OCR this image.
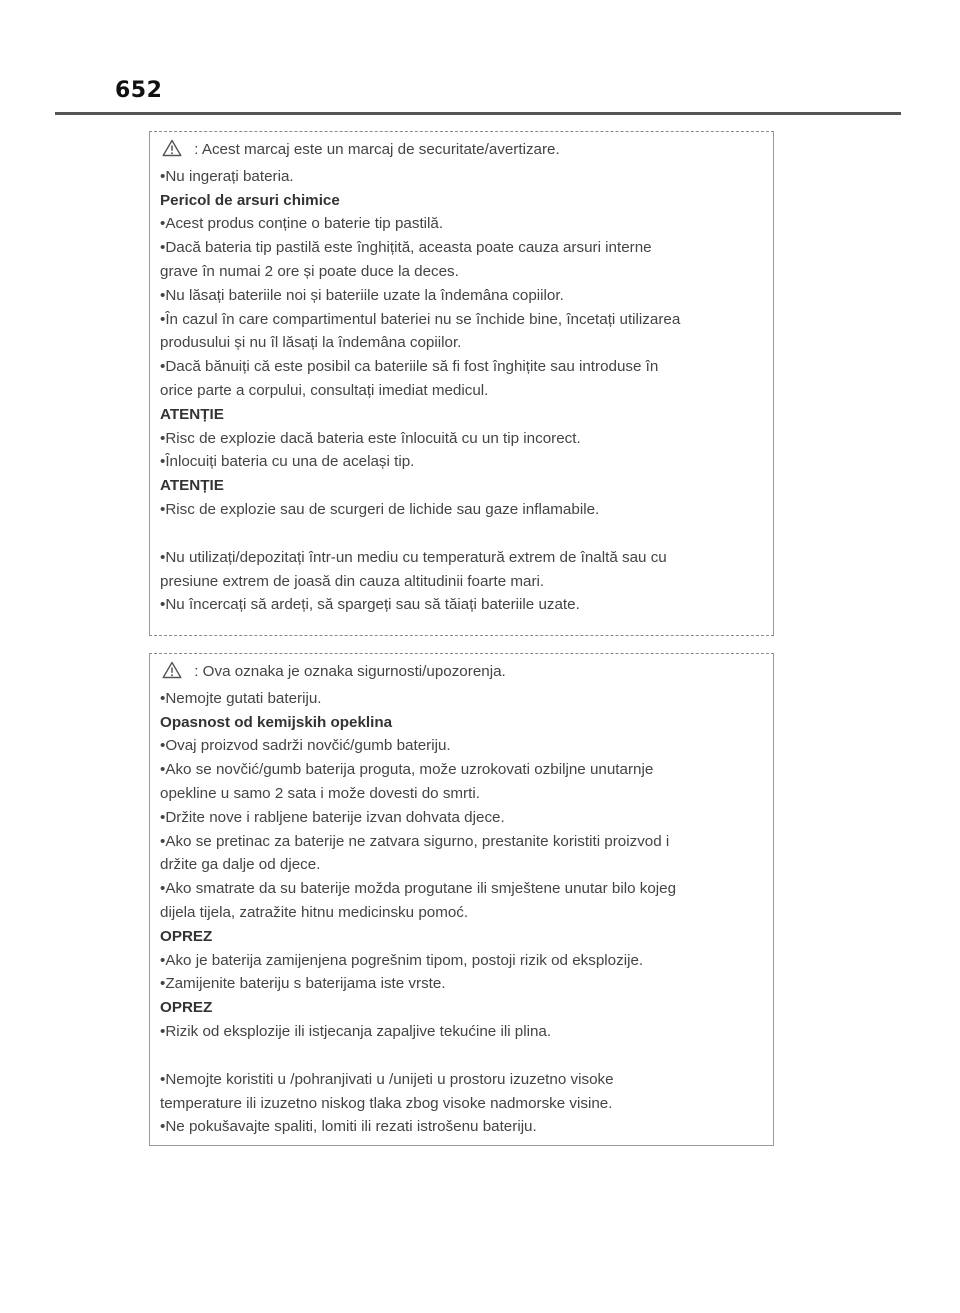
652
: Acest marcaj este un marcaj de securitate/avertizare.
•Nu ingerați bateria.
Pericol de arsuri chimice
•Acest produs conține o baterie tip pastilă.
•Dacă bateria tip pastilă este înghițită, aceasta poate cauza arsuri interne
grave în numai 2 ore și poate duce la deces.
•Nu lăsați bateriile noi și bateriile uzate la îndemâna copiilor.
•În cazul în care compartimentul bateriei nu se închide bine, încetați utilizarea
produsului și nu îl lăsați la îndemâna copiilor.
•Dacă bănuiți că este posibil ca bateriile să fi fost înghițite sau introduse în
orice parte a corpului, consultați imediat medicul.
ATENȚIE
•Risc de explozie dacă bateria este înlocuită cu un tip incorect.
•Înlocuiți bateria cu una de același tip.
ATENȚIE
•Risc de explozie sau de scurgeri de lichide sau gaze inflamabile.
•Nu utilizați/depozitați într-un mediu cu temperatură extrem de înaltă sau cu
presiune extrem de joasă din cauza altitudinii foarte mari.
•Nu încercați să ardeți, să spargeți sau să tăiați bateriile uzate.
: Ova oznaka je oznaka sigurnosti/upozorenja.
•Nemojte gutati bateriju.
Opasnost od kemijskih opeklina
•Ovaj proizvod sadrži novčić/gumb bateriju.
•Ako se novčić/gumb baterija proguta, može uzrokovati ozbiljne unutarnje
opekline u samo 2 sata i može dovesti do smrti.
•Držite nove i rabljene baterije izvan dohvata djece.
•Ako se pretinac za baterije ne zatvara sigurno, prestanite koristiti proizvod i
držite ga dalje od djece.
•Ako smatrate da su baterije možda progutane ili smještene unutar bilo kojeg
dijela tijela, zatražite hitnu medicinsku pomoć.
OPREZ
•Ako je baterija zamijenjena pogrešnim tipom, postoji rizik od eksplozije.
•Zamijenite bateriju s baterijama iste vrste.
OPREZ
•Rizik od eksplozije ili istjecanja zapaljive tekućine ili plina.
•Nemojte koristiti u /pohranjivati u /unijeti u prostoru izuzetno visoke
temperature ili izuzetno niskog tlaka zbog visoke nadmorske visine.
•Ne pokušavajte spaliti, lomiti ili rezati istrošenu bateriju.
